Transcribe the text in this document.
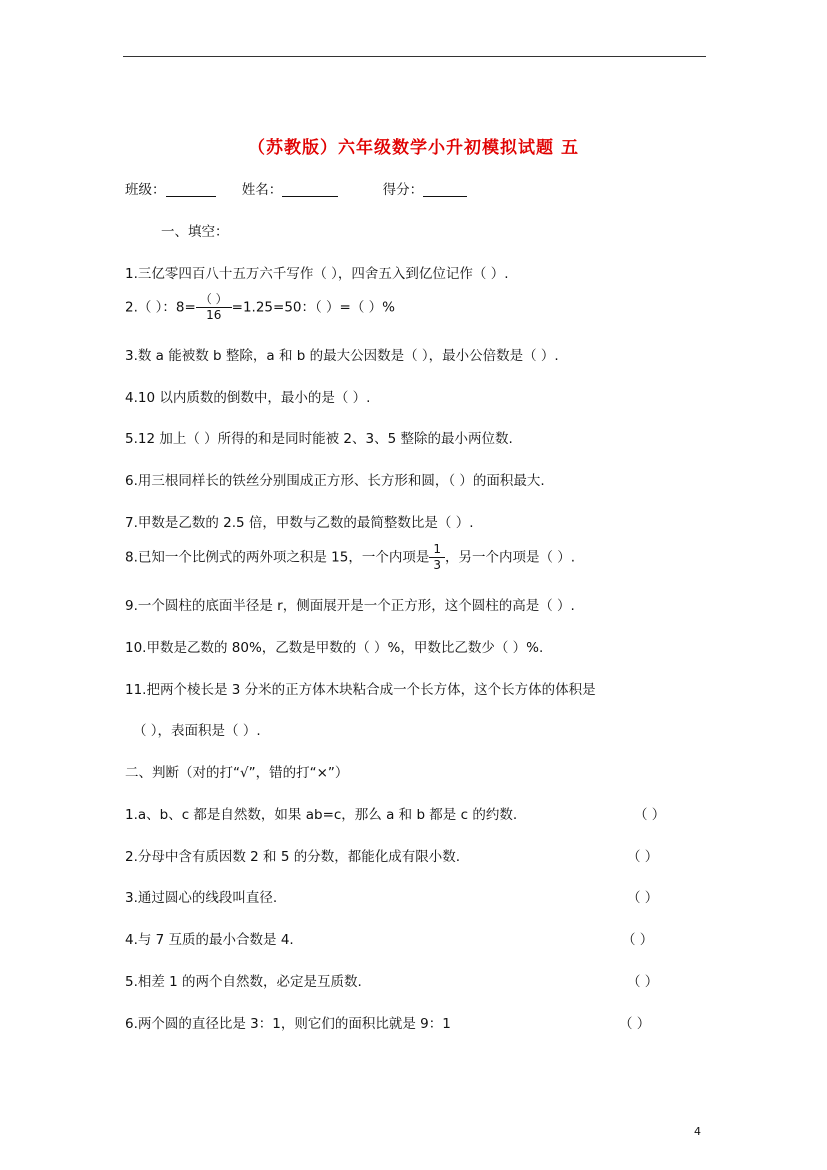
（苏教版）六年级数学小升初模拟试题 五
班级：	姓名：	得分：
一、填空：
1.三亿零四百八十五万六千写作（ ），四舍五入到亿位记作（ ）.
2.（ ）：$8= \frac{( )}{16} =1.25=50$：（ ）=（ ）%
3.数 a 能被数 b 整除，a 和 b 的最大公因数是（ ），最小公倍数是（ ）.
4.10 以内质数的倒数中，最小的是（ ）.
5.12 加上（ ）所得的和是同时能被 2、3、5 整除的最小两位数.
6.用三根同样长的铁丝分别围成正方形、长方形和圆，（ ）的面积最大.
7.甲数是乙数的 2.5 倍，甲数与乙数的最简整数比是（ ）.
8.已知一个比例式的两外项之积是 15，一个内项是 $\frac{1}{3}$ ，另一个内项是（ ）.
9.一个圆柱的底面半径是 r，侧面展开是一个正方形，这个圆柱的高是（ ）.
10.甲数是乙数的 80%，乙数是甲数的（ ）%，甲数比乙数少（ ）%.
11.把两个棱长是 3 分米的正方体木块粘合成一个长方体，这个长方体的体积是
（ ），表面积是（ ）.
二、判断（对的打“√”，错的打“×”）
1.a、b、c 都是自然数，如果 ab=c，那么 a 和 b 都是 c 的约数.	（ ）
2.分母中含有质因数 2 和 5 的分数，都能化成有限小数.	（ ）
3.通过圆心的线段叫直径.	（ ）
4.与 7 互质的最小合数是 4.	（ ）
5.相差 1 的两个自然数，必定是互质数.	（ ）
6.两个圆的直径比是 3：1，则它们的面积比就是 9：1	（ ）
4
